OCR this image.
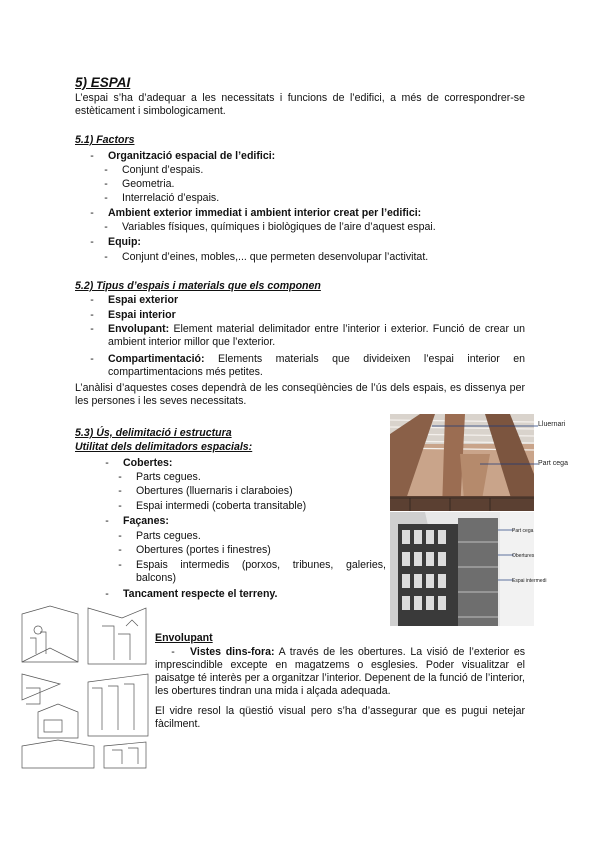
5) ESPAI
L’espai s’ha d’adequar a les necessitats i funcions de l’edifici, a més de correspondrer-se estèticament i simbologicament.
5.1) Factors
-	Organització espacial de l’edifici:
-	Conjunt d’espais.
-	Geometria.
-	Interrelació d’espais.
-	Ambient exterior immediat i ambient interior creat per l’edifici:
-	Variables físiques, químiques i biològiques de l’aire d’aquest espai.
-	Equip:
-	Conjunt d’eines, mobles,... que permeten desenvolupar l’activitat.
5.2) Tipus d’espais i materials que els componen
-	Espai exterior
-	Espai interior
-	Envolupant: Element material delimitador entre l’interior i exterior. Funció de crear un ambient interior millor que l’exterior.
-	Compartimentació: Elements materials que divideixen l’espai interior en compartimentacions més petites.
L’anàlisi d’aquestes coses dependrà de les conseqüències de l’ús dels espais, es dissenya per les persones i les seves necessitats.
5.3) Ús, delimitació i estructura
Utilitat dels delimitadors espacials:
-	Cobertes:
-	Parts cegues.
-	Obertures (lluernaris i claraboies)
-	Espai intermedi (coberta transitable)
-	Façanes:
-	Parts cegues.
-	Obertures (portes i finestres)
-	Espais intermedis (porxos, tribunes, galeries, balcons)
-	Tancament respecte el terreny.
Envolupant
-	Vistes dins-fora: A través de les obertures. La visió de l’exterior es imprescindible excepte en magatzems o esglesies. Poder visualitzar el paisatge té interès per a organitzar l’interior. Depenent de la funció de l’interior, les obertures tindran una mida i alçada adequada.
El vidre resol la qüestió visual pero s’ha d’assegurar que es pugui netejar fàcilment.
Lluernari
Part cega
Part cega
Obertures
Espai intermedi
